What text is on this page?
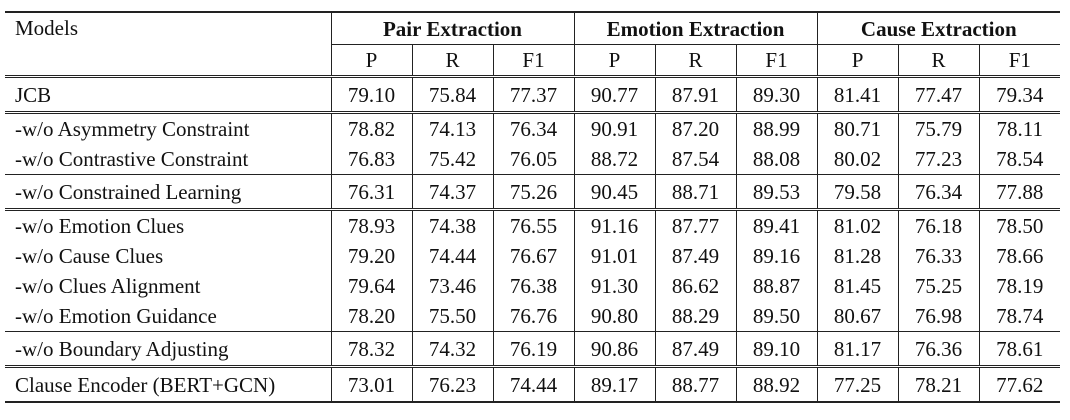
Models	Pair Extraction			Emotion Extraction			Cause Extraction		
	P	R	F1	P	R	F1	P	R	F1
JCB	79.10	75.84	77.37	90.77	87.91	89.30	81.41	77.47	79.34
-w/o Asymmetry Constraint	78.82	74.13	76.34	90.91	87.20	88.99	80.71	75.79	78.11
-w/o Contrastive Constraint	76.83	75.42	76.05	88.72	87.54	88.08	80.02	77.23	78.54
-w/o Constrained Learning	76.31	74.37	75.26	90.45	88.71	89.53	79.58	76.34	77.88
-w/o Emotion Clues	78.93	74.38	76.55	91.16	87.77	89.41	81.02	76.18	78.50
-w/o Cause Clues	79.20	74.44	76.67	91.01	87.49	89.16	81.28	76.33	78.66
-w/o Clues Alignment	79.64	73.46	76.38	91.30	86.62	88.87	81.45	75.25	78.19
-w/o Emotion Guidance	78.20	75.50	76.76	90.80	88.29	89.50	80.67	76.98	78.74
-w/o Boundary Adjusting	78.32	74.32	76.19	90.86	87.49	89.10	81.17	76.36	78.61
Clause Encoder (BERT+GCN)	73.01	76.23	74.44	89.17	88.77	88.92	77.25	78.21	77.62
